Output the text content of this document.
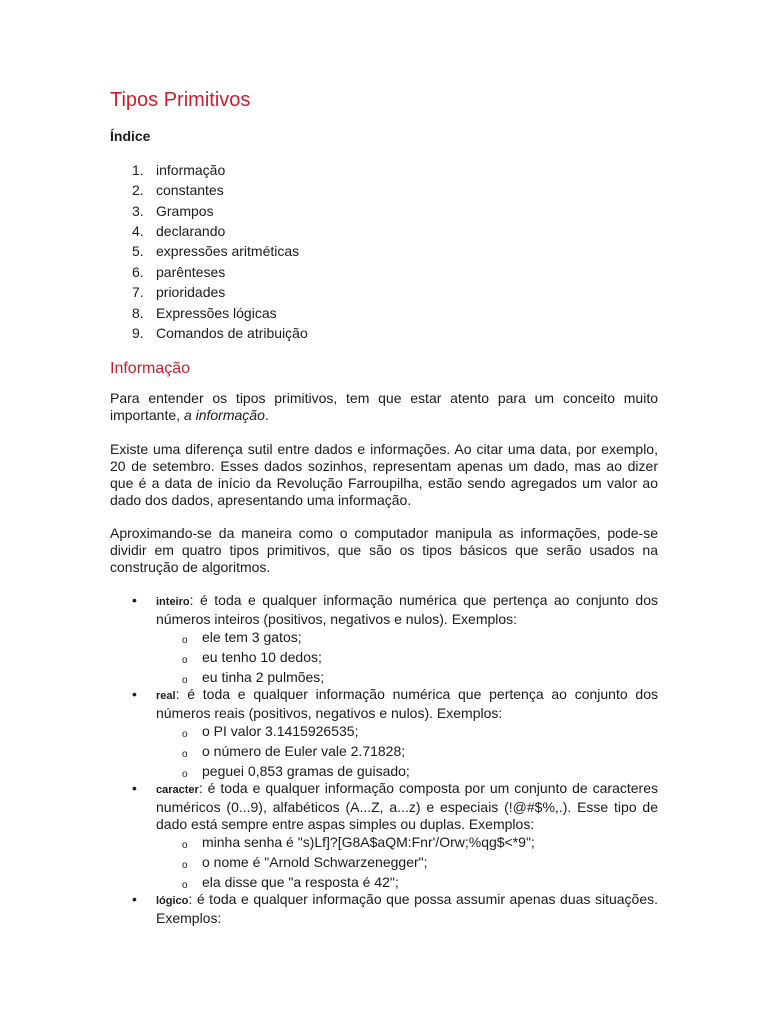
Tipos Primitivos
Índice
1. informação
2. constantes
3. Grampos
4. declarando
5. expressões aritméticas
6. parênteses
7. prioridades
8. Expressões lógicas
9. Comandos de atribuição
Informação

Para entender os tipos primitivos, tem que estar atento para um conceito muito importante, a informação.

Existe uma diferença sutil entre dados e informações. Ao citar uma data, por exemplo, 20 de setembro. Esses dados sozinhos, representam apenas um dado, mas ao dizer que é a data de início da Revolução Farroupilha, estão sendo agregados um valor ao dado dos dados, apresentando uma informação.

Aproximando-se da maneira como o computador manipula as informações, pode-se dividir em quatro tipos primitivos, que são os tipos básicos que serão usados na construção de algoritmos.

• inteiro: é toda e qualquer informação numérica que pertença ao conjunto dos números inteiros (positivos, negativos e nulos). Exemplos:
o ele tem 3 gatos;
o eu tenho 10 dedos;
o eu tinha 2 pulmões;
• real: é toda e qualquer informação numérica que pertença ao conjunto dos números reais (positivos, negativos e nulos). Exemplos:
o o PI valor 3.1415926535;
o o número de Euler vale 2.71828;
o peguei 0,853 gramas de guisado;
• caracter: é toda e qualquer informação composta por um conjunto de caracteres numéricos (0...9), alfabéticos (A...Z, a...z) e especiais (!@#$%,.). Esse tipo de dado está sempre entre aspas simples ou duplas. Exemplos:
o minha senha é "s)Lf]?[G8A$aQM:Fnr'/Orw;%qg$<*9";
o o nome é "Arnold Schwarzenegger";
o ela disse que "a resposta é 42";
• lógico: é toda e qualquer informação que possa assumir apenas duas situações. Exemplos:
